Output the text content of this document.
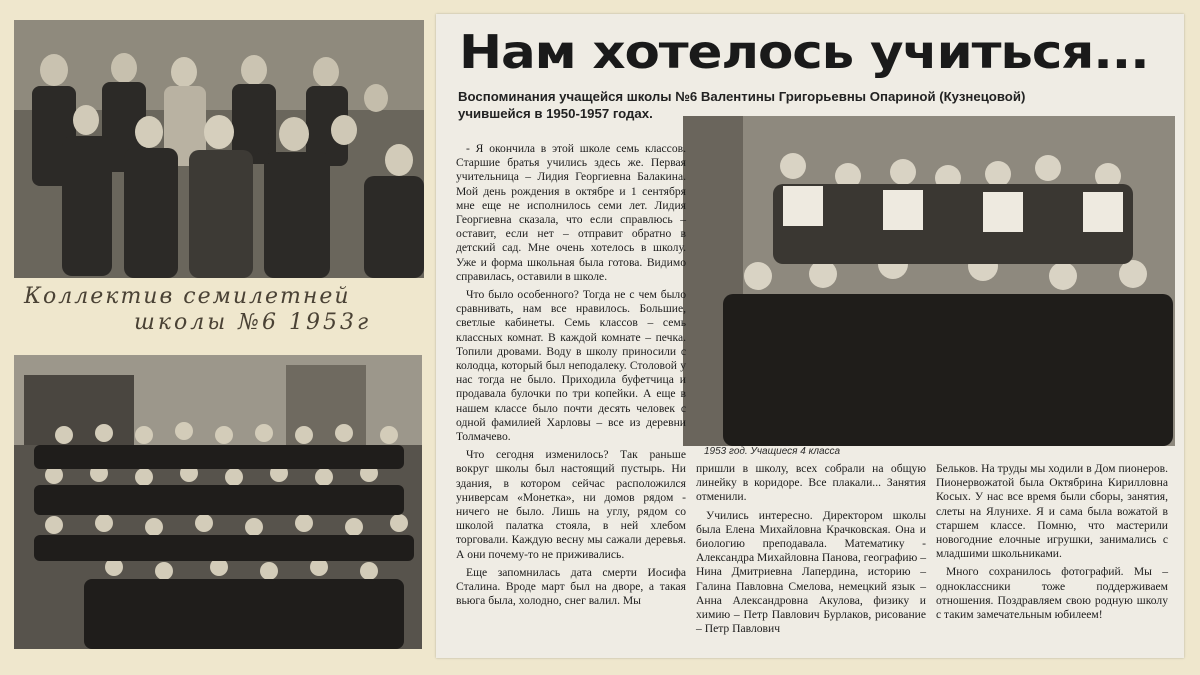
Коллектив семилетней
школы №6 1953г
Нам хотелось учиться...
Воспоминания учащейся школы №6 Валентины Григорьевны Опариной (Кузнецовой) учившейся в 1950-1957 годах.
1953 год. Учащиеся 4 класса

- Я окончила в этой школе семь классов. Старшие братья учились здесь же. Первая учительница – Лидия Георгиевна Балакина. Мой день рождения в октябре и 1 сентября мне еще не исполнилось семи лет. Лидия Георгиевна сказала, что если справлюсь – оставит, если нет – отправит обратно в детский сад. Мне очень хотелось в школу. Уже и форма школьная была готова. Видимо справилась, оставили в школе.

Что было особенного? Тогда не с чем было сравнивать, нам все нравилось. Большие, светлые кабинеты. Семь классов – семь классных комнат. В каждой комнате – печка. Топили дровами. Воду в школу приносили с колодца, который был неподалеку. Столовой у нас тогда не было. Приходила буфетчица и продавала булочки по три копейки. А еще в нашем классе было почти десять человек с одной фамилией Харловы – все из деревни Толмачево.

Что сегодня изменилось? Так раньше вокруг школы был настоящий пустырь. Ни здания, в котором сейчас расположился универсам «Монетка», ни домов рядом - ничего не было. Лишь на углу, рядом со школой палатка стояла, в ней хлебом торговали. Каждую весну мы сажали деревья. А они почему-то не приживались.

Еще запомнилась дата смерти Иосифа Сталина. Вроде март был на дворе, а такая вьюга была, холодно, снег валил. Мы

пришли в школу, всех собрали на общую линейку в коридоре. Все плакали... Занятия отменили.

Учились интересно. Директором школы была Елена Михайловна Крачковская. Она и биологию преподавала. Математику - Александра Михайловна Панова, географию – Нина Дмитриевна Лапердина, историю – Галина Павловна Смелова, немецкий язык – Анна Александровна Акулова, физику и химию – Петр Павлович Бурлаков, рисование – Петр Павлович

Бельков. На труды мы ходили в Дом пионеров. Пионервожатой была Октябрина Кирилловна Косых. У нас все время были сборы, занятия, слеты на Ялунихе. Я и сама была вожатой в старшем классе. Помню, что мастерили новогодние елочные игрушки, занимались с младшими школьниками.

Много сохранилось фотографий. Мы – одноклассники тоже поддерживаем отношения. Поздравляем свою родную школу с таким замечательным юбилеем!
